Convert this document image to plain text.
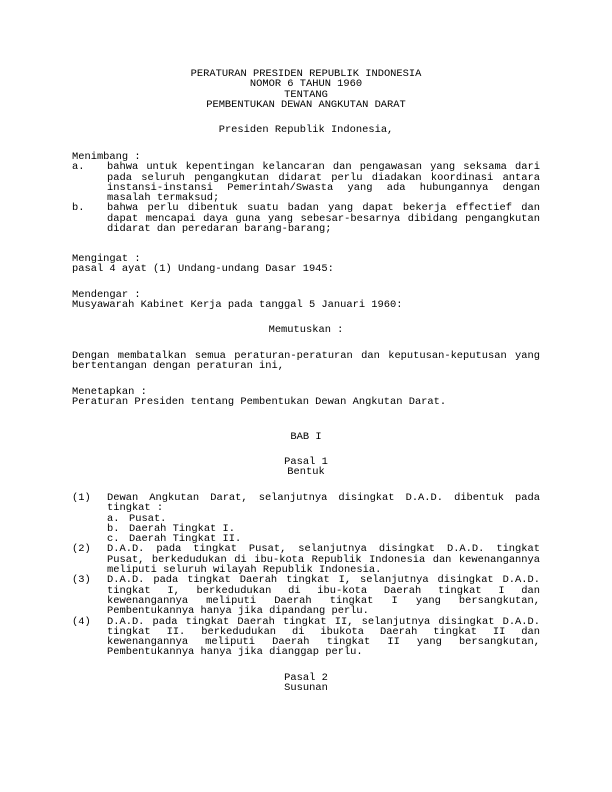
PERATURAN PRESIDEN REPUBLIK INDONESIA
NOMOR 6 TAHUN 1960
TENTANG
PEMBENTUKAN DEWAN ANGKUTAN DARAT
Presiden Republik Indonesia,
Menimbang :
a.	bahwa untuk kepentingan kelancaran dan pengawasan yang seksama dari
pada seluruh pengangkutan didarat perlu diadakan koordinasi antara
instansi-instansi Pemerintah/Swasta yang ada hubungannya dengan
masalah termaksud;
b.	bahwa perlu dibentuk suatu badan yang dapat bekerja effectief dan
dapat mencapai daya guna yang sebesar-besarnya dibidang pengangkutan
didarat dan peredaran barang-barang;
Mengingat :
pasal 4 ayat (1) Undang-undang Dasar 1945:
Mendengar :
Musyawarah Kabinet Kerja pada tanggal 5 Januari 1960:
Memutuskan :
Dengan membatalkan semua peraturan-peraturan dan keputusan-keputusan yang
bertentangan dengan peraturan ini,
Menetapkan :
Peraturan Presiden tentang Pembentukan Dewan Angkutan Darat.
BAB I
Pasal 1
Bentuk
(1)	Dewan Angkutan Darat, selanjutnya disingkat D.A.D. dibentuk pada
tingkat :
a. Pusat.
b. Daerah Tingkat I.
c. Daerah Tingkat II.
(2)	D.A.D. pada tingkat Pusat, selanjutnya disingkat D.A.D. tingkat
Pusat, berkedudukan di ibu-kota Republik Indonesia dan kewenangannya
meliputi seluruh wilayah Republik Indonesia.
(3)	D.A.D. pada tingkat Daerah tingkat I, selanjutnya disingkat D.A.D.
tingkat I, berkedudukan di ibu-kota Daerah tingkat I dan
kewenangannya meliputi Daerah tingkat I yang bersangkutan,
Pembentukannya hanya jika dipandang perlu.
(4)	D.A.D. pada tingkat Daerah tingkat II, selanjutnya disingkat D.A.D.
tingkat II. berkedudukan di ibukota Daerah tingkat II dan
kewenangannya meliputi Daerah tingkat II yang bersangkutan,
Pembentukannya hanya jika dianggap perlu.
Pasal 2
Susunan
